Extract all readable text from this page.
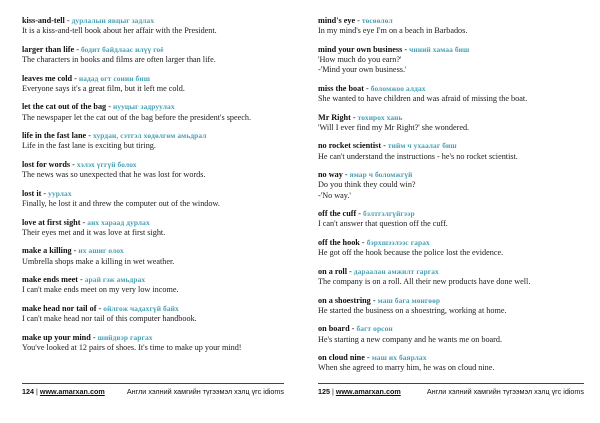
kiss-and-tell - дурлалын явцыг задлах
It is a kiss-and-tell book about her affair with the President.
larger than life - бодит байдлаас илүү гоё
The characters in books and films are often larger than life.
leaves me cold - надад огт сонин биш
Everyone says it's a great film, but it left me cold.
let the cat out of the bag - нууцыг задруулах
The newspaper let the cat out of the bag before the president's speech.
life in the fast lane - хурдан, сэтгэл хөдөлгөм амьдрал
Life in the fast lane is exciting but tiring.
lost for words - хэлэх үггүй болох
The news was so unexpected that he was lost for words.
lost it - уурлах
Finally, he lost it and threw the computer out of the window.
love at first sight - анх хараад дурлах
Their eyes met and it was love at first sight.
make a killing - их ашиг олох
Umbrella shops make a killing in wet weather.
make ends meet - арай гэж амьдрах
I can't make ends meet on my very low income.
make head nor tail of - ойлгож чадахгүй байх
I can't make head nor tail of this computer handbook.
make up your mind - шийдвэр гаргах
You've looked at 12 pairs of shoes. It's time to make up your mind!
124 | www.amarxan.com	Англи хэлний хамгийн түгээмэл хэлц үгс idioms
mind's eye - төсөөлөл
In my mind's eye I'm on a beach in Barbados.
mind your own business - чиний хамаа биш
'How much do you earn?'
-'Mind your own business.'
miss the boat - боломжоо алдах
She wanted to have children and was afraid of missing the boat.
Mr Right - тохирох хань
'Will I ever find my Mr Right?' she wondered.
no rocket scientist - тийм ч ухаалаг биш
He can't understand the instructions - he's no rocket scientist.
no way - ямар ч боломжгүй
Do you think they could win?
-'No way.'
off the cuff - бэлтгэлгүйгээр
I can't answer that question off the cuff.
off the hook - бэрхшээлээс гарах
He got off the hook because the police lost the evidence.
on a roll - дараалан амжилт гаргах
The company is on a roll. All their new products have done well.
on a shoestring - маш бага мөнгөөр
He started the business on a shoestring, working at home.
on board - багт орсон
He's starting a new company and he wants me on board.
on cloud nine - маш их баярлах
When she agreed to marry him, he was on cloud nine.
125 | www.amarxan.com	Англи хэлний хамгийн түгээмэл хэлц үгс idioms
